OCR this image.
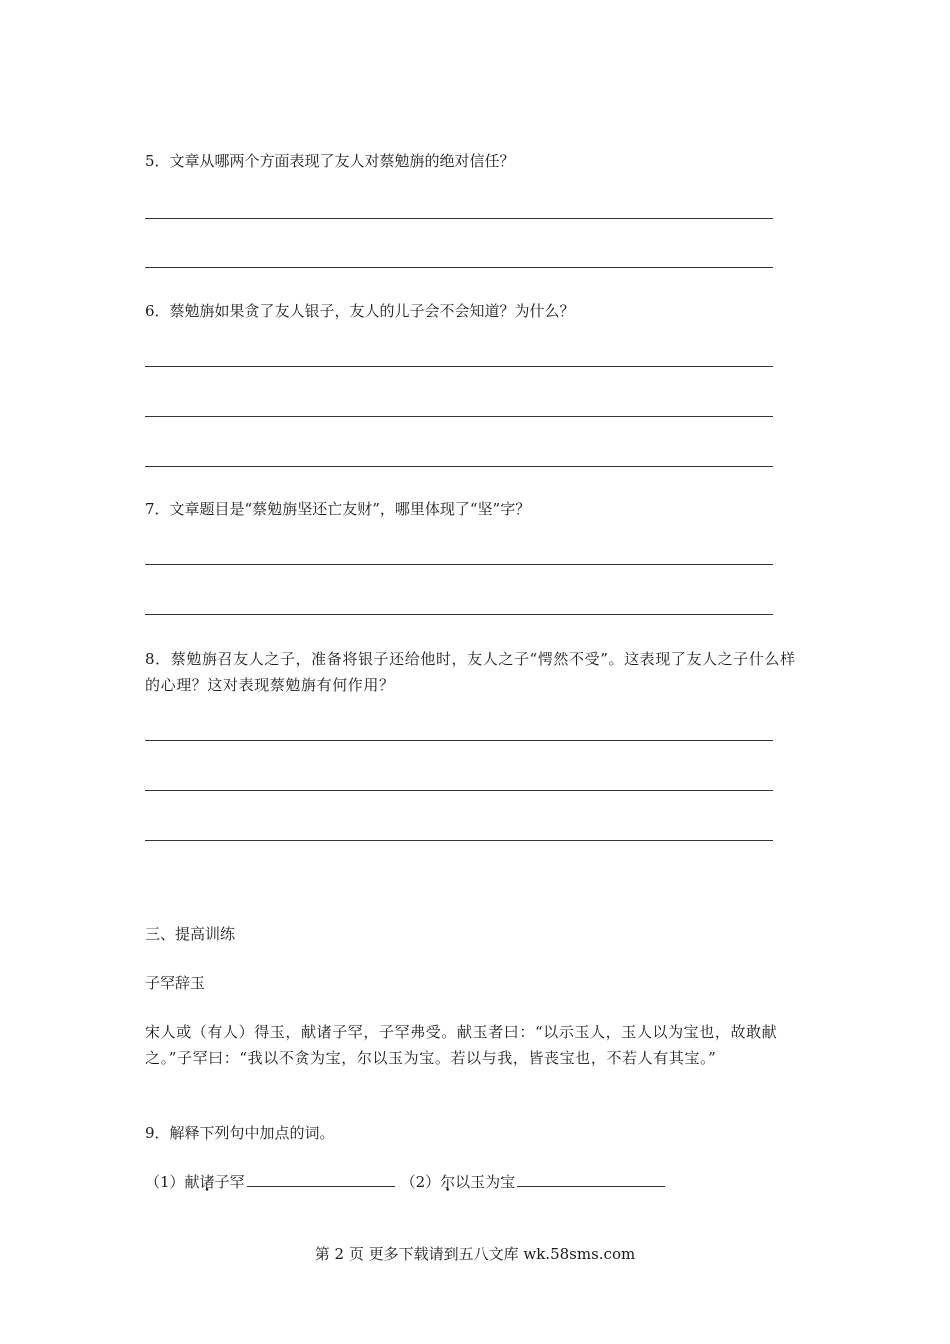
5．文章从哪两个方面表现了友人对蔡勉旃的绝对信任？
6．蔡勉旃如果贪了友人银子，友人的儿子会不会知道？为什么？
7．文章题目是“蔡勉旃坚还亡友财”，哪里体现了“坚”字？
8．蔡勉旃召友人之子，准备将银子还给他时，友人之子“愕然不受”。这表现了友人之子什么样的心理？这对表现蔡勉旃有何作用？
三、提高训练
子罕辞玉
宋人或（有人）得玉，献诸子罕，子罕弗受。献玉者曰：“以示玉人，玉人以为宝也，故敢献之。”子罕曰：“我以不贪为宝，尔以玉为宝。若以与我，皆丧宝也，不若人有其宝。”
9．解释下列句中加点的词。
（1）献诸子罕	（2）尔以玉为宝
第 2 页 更多下载请到五八文库 wk.58sms.com
